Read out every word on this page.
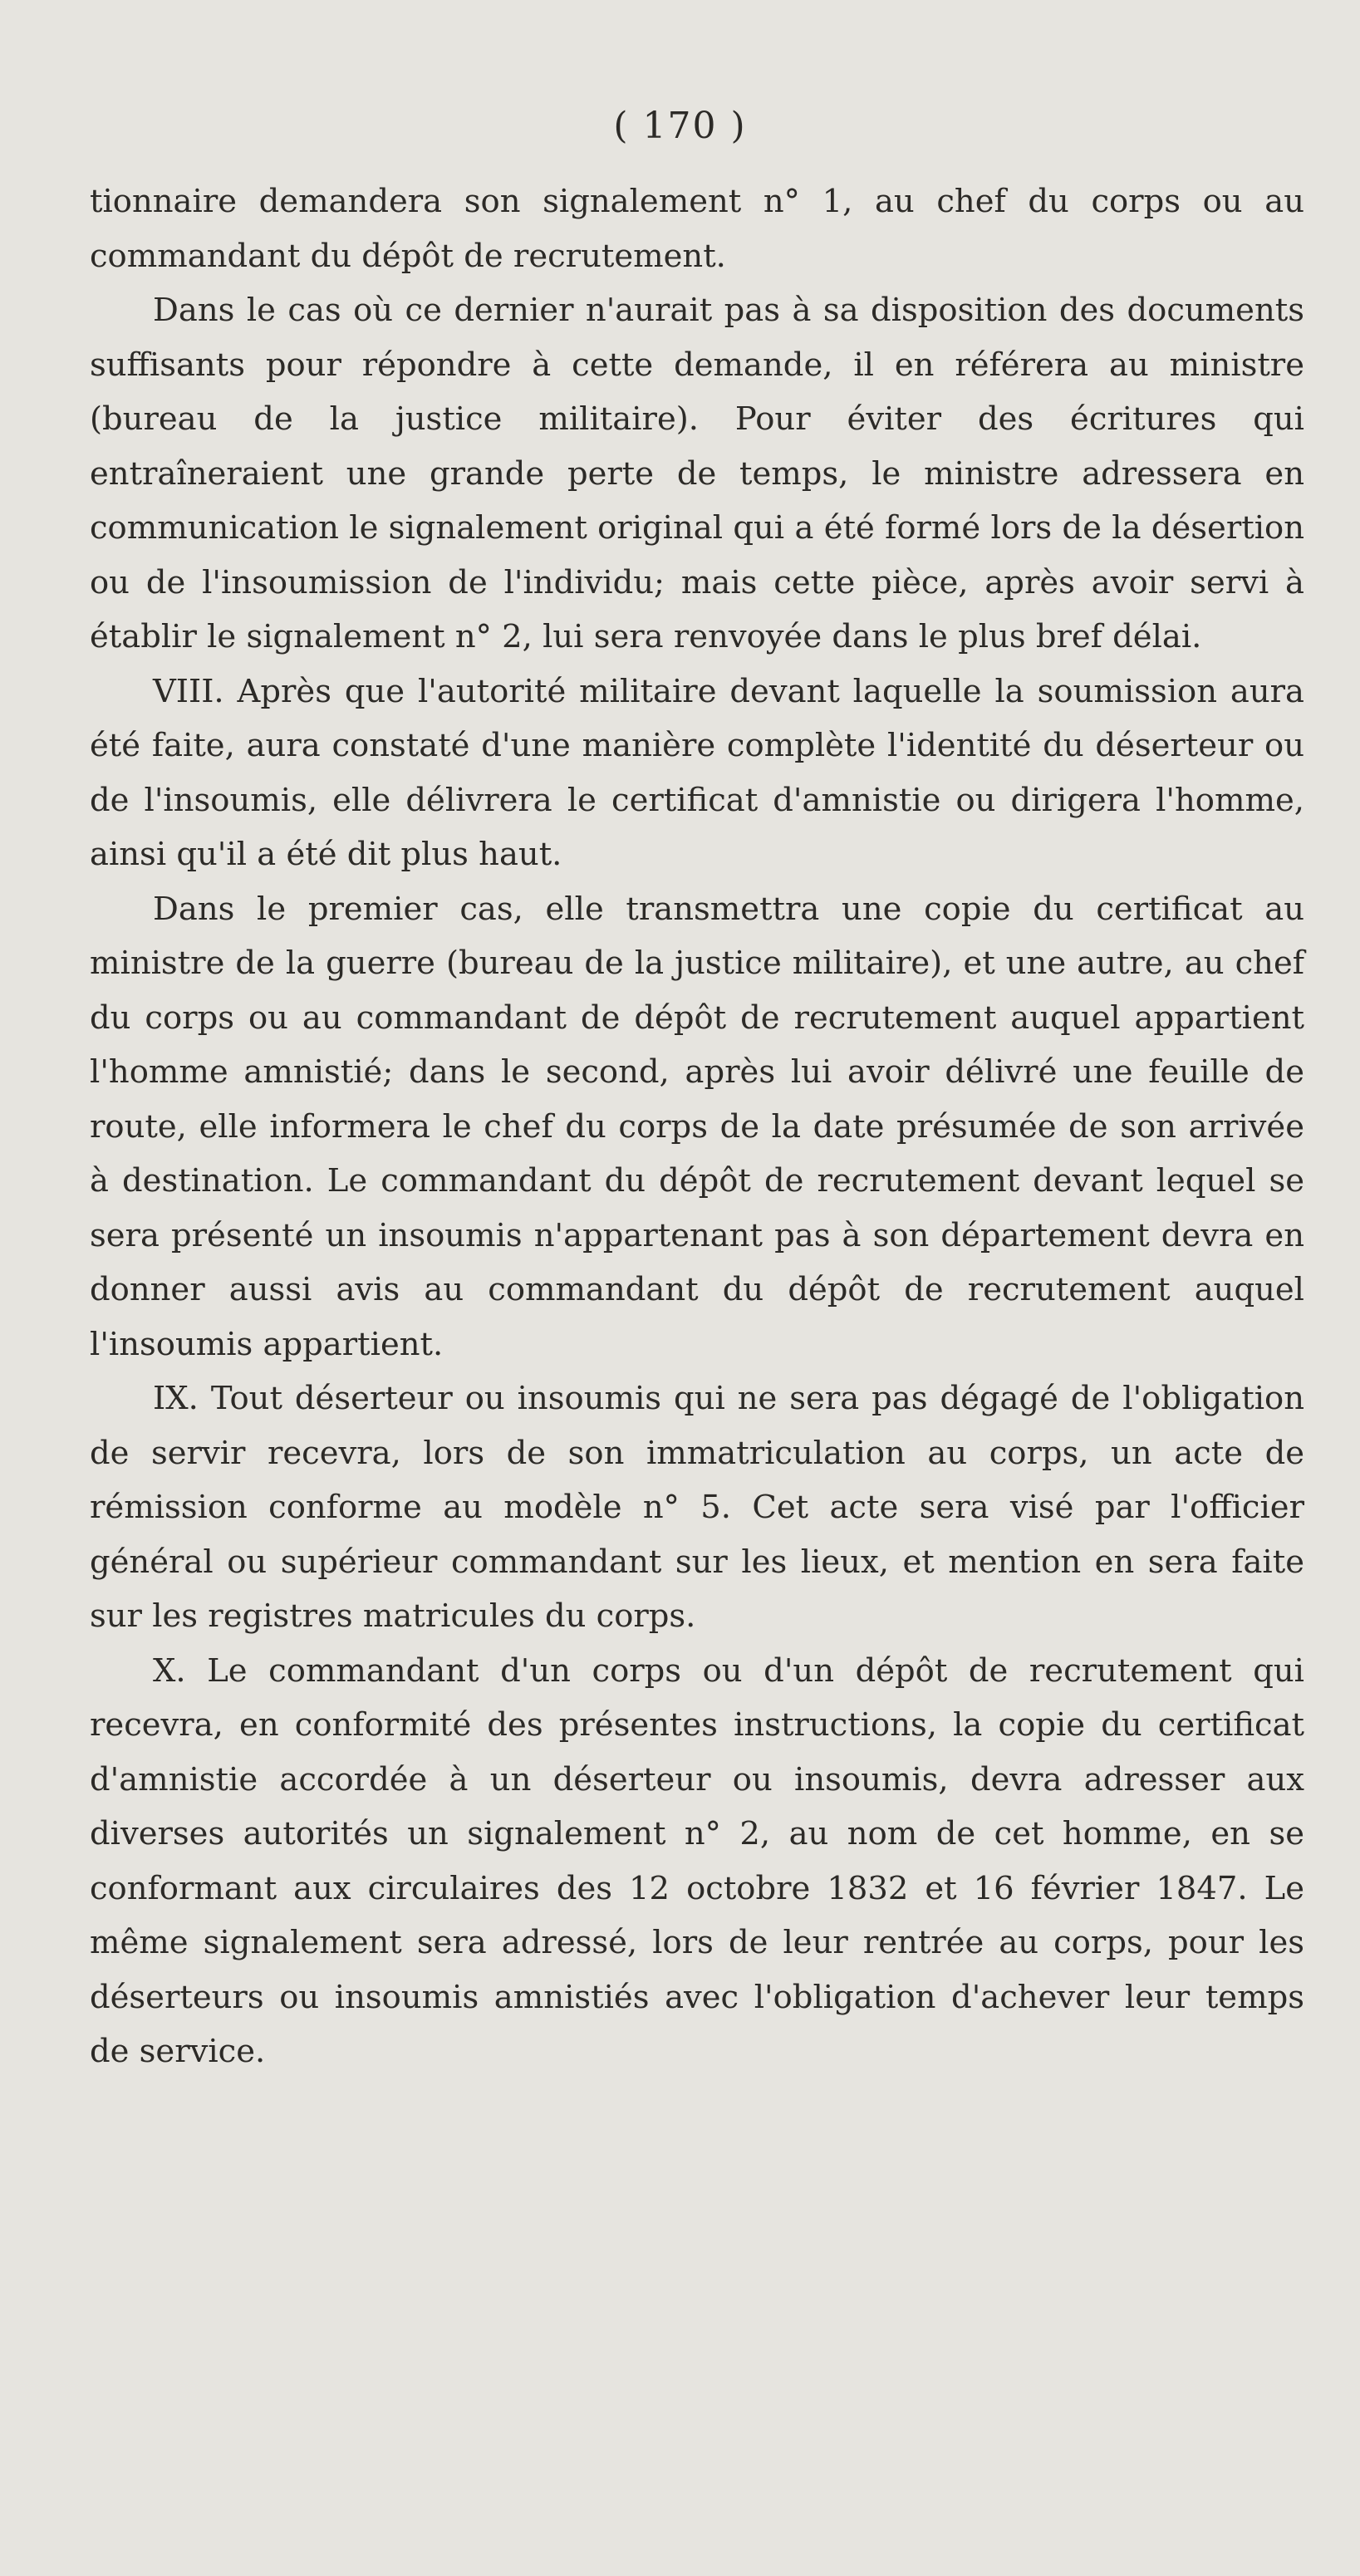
( 170 )

tionnaire demandera son signalement n° 1, au chef du corps ou au commandant du dépôt de recrutement.

Dans le cas où ce dernier n'aurait pas à sa disposition des documents suffisants pour répondre à cette demande, il en référera au ministre (bureau de la justice militaire). Pour éviter des écritures qui entraîneraient une grande perte de temps, le ministre adressera en communication le signalement original qui a été formé lors de la désertion ou de l'insoumission de l'individu; mais cette pièce, après avoir servi à établir le signalement n° 2, lui sera renvoyée dans le plus bref délai.

VIII. Après que l'autorité militaire devant laquelle la soumission aura été faite, aura constaté d'une manière complète l'identité du déserteur ou de l'insoumis, elle délivrera le certificat d'amnistie ou dirigera l'homme, ainsi qu'il a été dit plus haut.

Dans le premier cas, elle transmettra une copie du certificat au ministre de la guerre (bureau de la justice militaire), et une autre, au chef du corps ou au commandant de dépôt de recrutement auquel appartient l'homme amnistié; dans le second, après lui avoir délivré une feuille de route, elle informera le chef du corps de la date présumée de son arrivée à destination. Le commandant du dépôt de recrutement devant lequel se sera présenté un insoumis n'appartenant pas à son département devra en donner aussi avis au commandant du dépôt de recrutement auquel l'insoumis appartient.

IX. Tout déserteur ou insoumis qui ne sera pas dégagé de l'obligation de servir recevra, lors de son immatriculation au corps, un acte de rémission conforme au modèle n° 5. Cet acte sera visé par l'officier général ou supérieur commandant sur les lieux, et mention en sera faite sur les registres matricules du corps.

X. Le commandant d'un corps ou d'un dépôt de recrutement qui recevra, en conformité des présentes instructions, la copie du certificat d'amnistie accordée à un déserteur ou insoumis, devra adresser aux diverses autorités un signalement n° 2, au nom de cet homme, en se conformant aux circulaires des 12 octobre 1832 et 16 février 1847. Le même signalement sera adressé, lors de leur rentrée au corps, pour les déserteurs ou insoumis amnistiés avec l'obligation d'achever leur temps de service.
